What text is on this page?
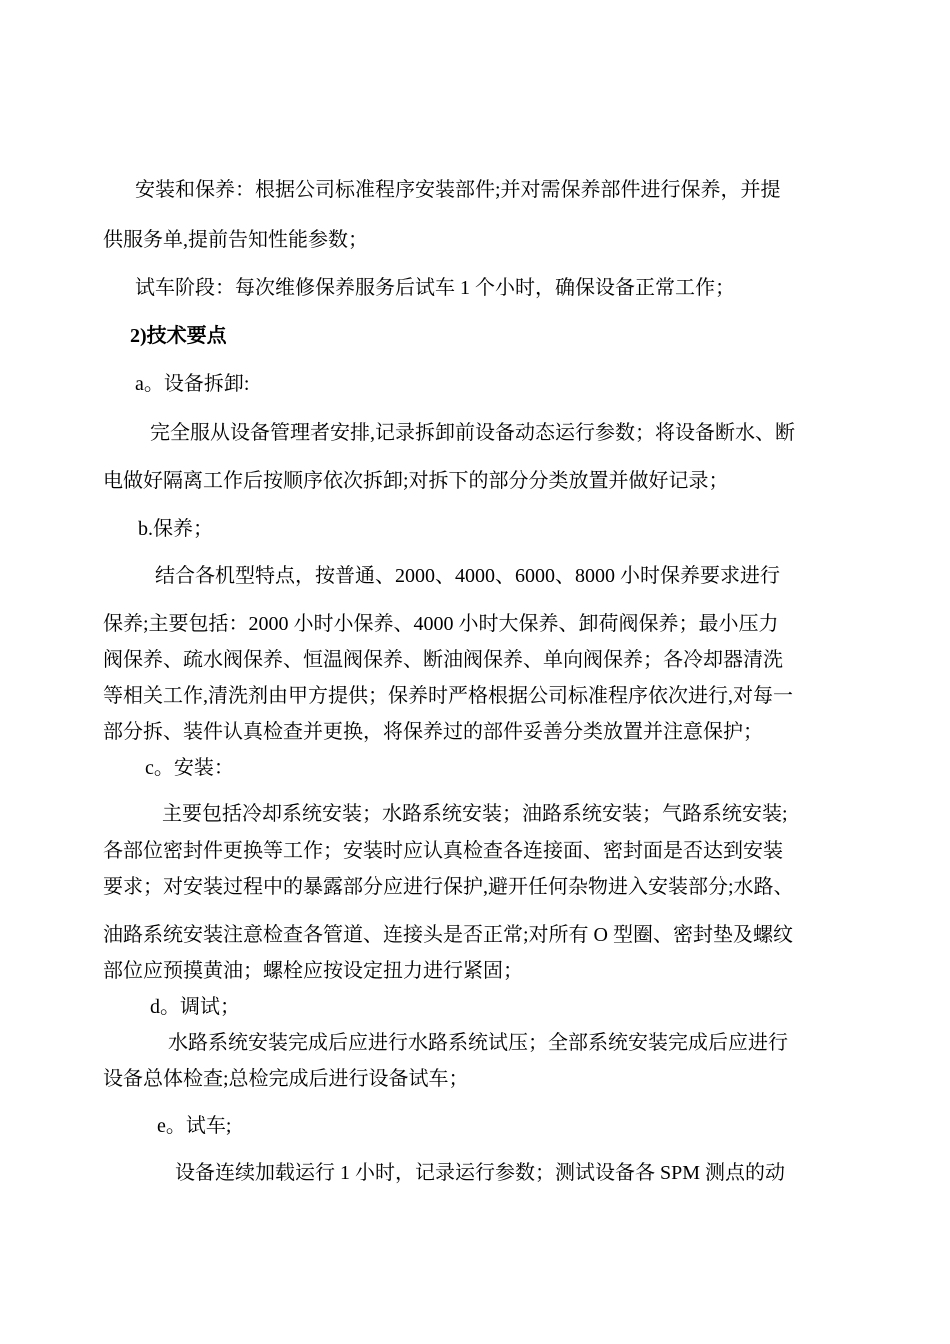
安装和保养：根据公司标准程序安装部件;并对需保养部件进行保养，并提
供服务单,提前告知性能参数；
试车阶段：每次维修保养服务后试车 1 个小时，确保设备正常工作；
2)技术要点
a。设备拆卸:
完全服从设备管理者安排,记录拆卸前设备动态运行参数；将设备断水、断
电做好隔离工作后按顺序依次拆卸;对拆下的部分分类放置并做好记录；
b.保养；
结合各机型特点，按普通、2000、4000、6000、8000 小时保养要求进行
保养;主要包括：2000 小时小保养、4000 小时大保养、卸荷阀保养；最小压力
阀保养、疏水阀保养、恒温阀保养、断油阀保养、单向阀保养；各冷却器清洗
等相关工作,清洗剂由甲方提供；保养时严格根据公司标准程序依次进行,对每一
部分拆、装件认真检查并更换，将保养过的部件妥善分类放置并注意保护；
c。安装：
主要包括冷却系统安装；水路系统安装；油路系统安装；气路系统安装;
各部位密封件更换等工作；安装时应认真检查各连接面、密封面是否达到安装
要求；对安装过程中的暴露部分应进行保护,避开任何杂物进入安装部分;水路、
油路系统安装注意检查各管道、连接头是否正常;对所有 O 型圈、密封垫及螺纹
部位应预摸黄油；螺栓应按设定扭力进行紧固；
d。调试；
水路系统安装完成后应进行水路系统试压；全部系统安装完成后应进行
设备总体检查;总检完成后进行设备试车；
e。试车;
设备连续加载运行 1 小时，记录运行参数；测试设备各 SPM 测点的动
